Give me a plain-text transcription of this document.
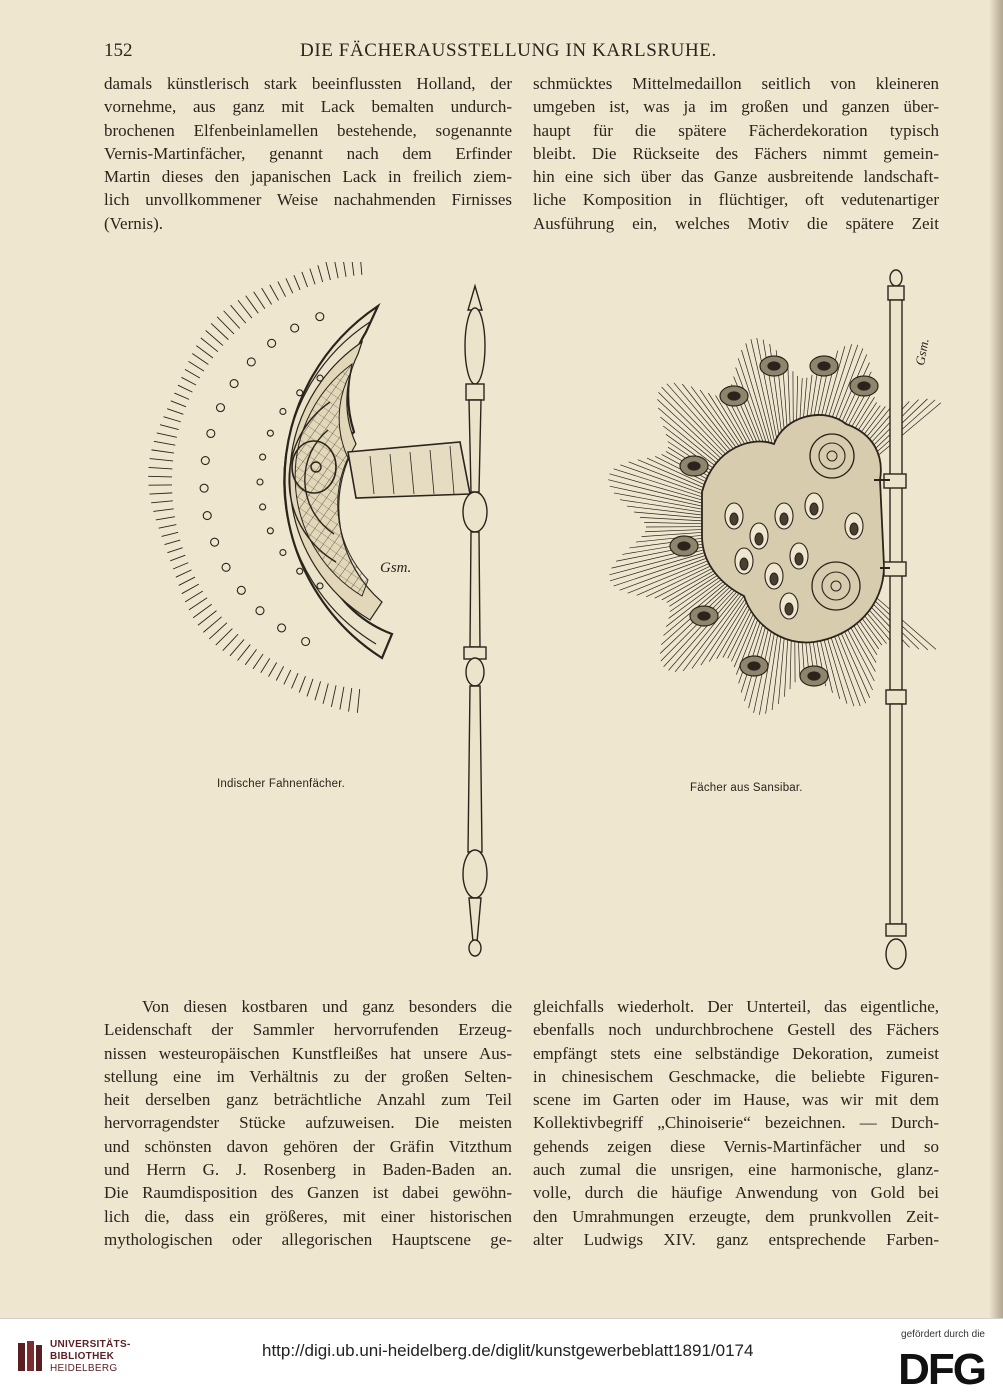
152	DIE FÄCHERAUSSTELLUNG IN KARLSRUHE.
damals künstlerisch stark beeinflussten Holland, der
vornehme, aus ganz mit Lack bemalten undurch-
brochenen Elfenbeinlamellen bestehende, sogenannte
Vernis-Martinfächer, genannt nach dem Erfinder
Martin dieses den japanischen Lack in freilich ziem-
lich unvollkommener Weise nachahmenden Firnisses
(Vernis).
schmücktes Mittelmedaillon seitlich von kleineren
umgeben ist, was ja im großen und ganzen über-
haupt für die spätere Fächerdekoration typisch
bleibt. Die Rückseite des Fächers nimmt gemein-
hin eine sich über das Ganze ausbreitende landschaft-
liche Komposition in flüchtiger, oft vedutenartiger
Ausführung ein, welches Motiv die spätere Zeit
Gsm.
Indischer Fahnenfächer.
Gsm.
Fächer aus Sansibar.
Von diesen kostbaren und ganz besonders die
Leidenschaft der Sammler hervorrufenden Erzeug-
nissen westeuropäischen Kunstfleißes hat unsere Aus-
stellung eine im Verhältnis zu der großen Selten-
heit derselben ganz beträchtliche Anzahl zum Teil
hervorragendster Stücke aufzuweisen. Die meisten
und schönsten davon gehören der Gräfin Vitzthum
und Herrn G. J. Rosenberg in Baden-Baden an.
Die Raumdisposition des Ganzen ist dabei gewöhn-
lich die, dass ein größeres, mit einer historischen
mythologischen oder allegorischen Hauptscene ge-
gleichfalls wiederholt. Der Unterteil, das eigentliche,
ebenfalls noch undurchbrochene Gestell des Fächers
empfängt stets eine selbständige Dekoration, zumeist
in chinesischem Geschmacke, die beliebte Figuren-
scene im Garten oder im Hause, was wir mit dem
Kollektivbegriff „Chinoiserie“ bezeichnen. — Durch-
gehends zeigen diese Vernis-Martinfächer und so
auch zumal die unsrigen, eine harmonische, glanz-
volle, durch die häufige Anwendung von Gold bei
den Umrahmungen erzeugte, dem prunkvollen Zeit-
alter Ludwigs XIV. ganz entsprechende Farben-
UNIVERSITÄTS-
BIBLIOTHEK
HEIDELBERG
http://digi.ub.uni-heidelberg.de/diglit/kunstgewerbeblatt1891/0174
gefördert durch die
DFG
